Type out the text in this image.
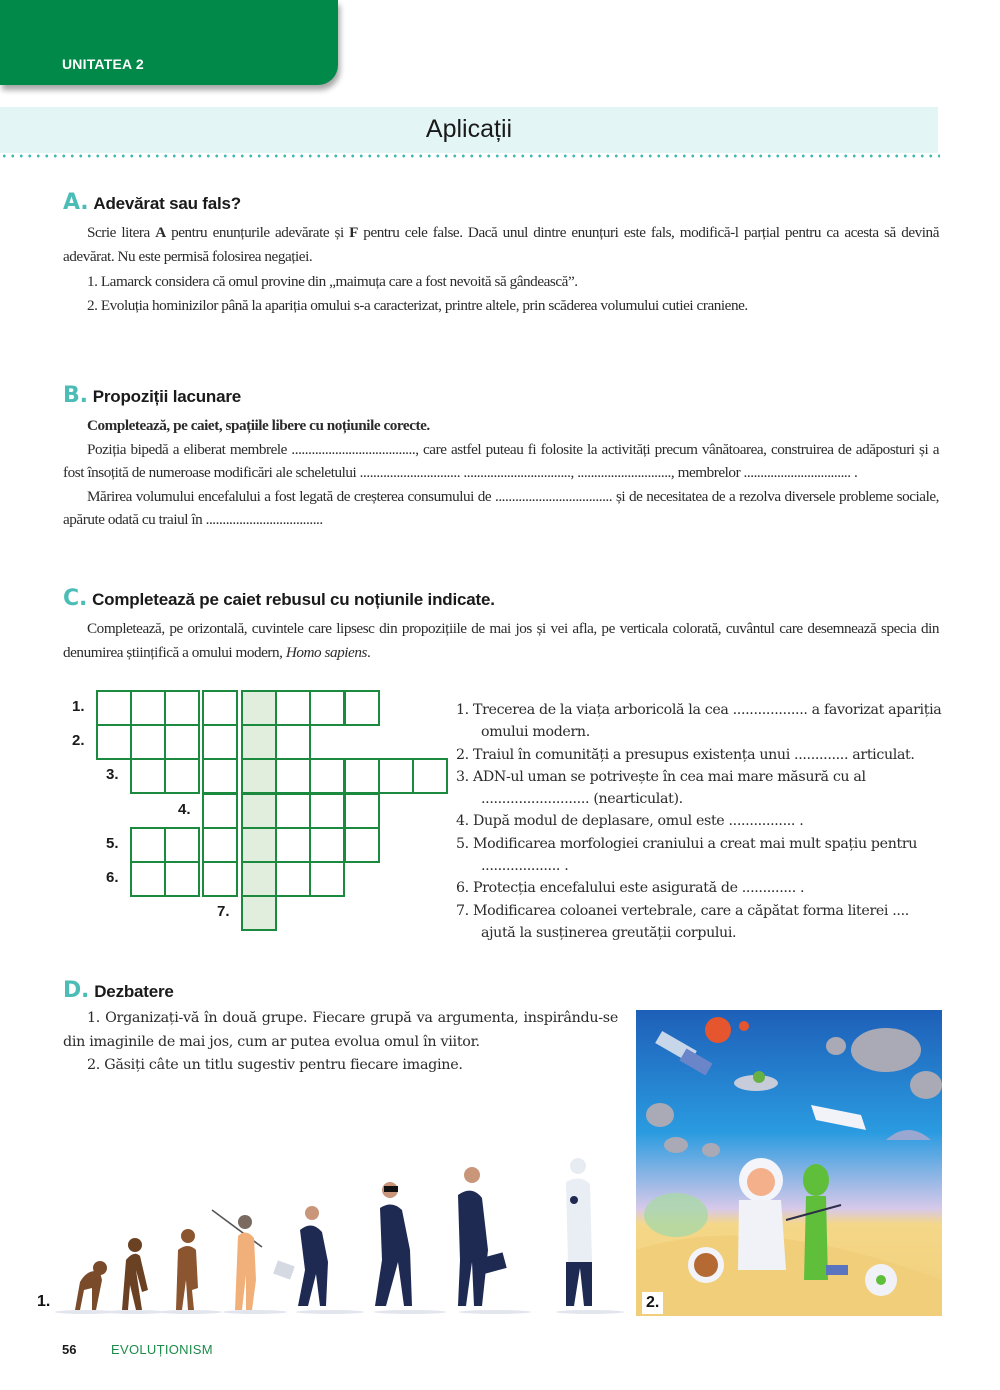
UNITATEA 2
Aplicații
A. Adevărat sau fals?
Scrie litera A pentru enunțurile adevărate și F pentru cele false. Dacă unul dintre enunțuri este fals, modifică-l parțial pentru ca acesta să devină adevărat. Nu este permisă folosirea negației.
1. Lamarck considera că omul provine din „maimuța care a fost nevoită să gândească”.
2. Evoluția hominizilor până la apariția omului s-a caracterizat, printre altele, prin scăderea volumului cutiei craniene.
B. Propoziții lacunare
Completează, pe caiet, spațiile libere cu noțiunile corecte.
Poziția bipedă a eliberat membrele ....................................., care astfel puteau fi folosite la activități precum vânătoarea, construirea de adăposturi și a fost însoțită de numeroase modificări ale scheletului .............................. ................................, ............................, membrelor ................................ .
Mărirea volumului encefalului a fost legată de creșterea consumului de ................................... și de necesitatea de a rezolva diversele probleme sociale, apărute odată cu traiul în ...................................
C. Completează pe caiet rebusul cu noțiunile indicate.
Completează, pe orizontală, cuvintele care lipsesc din propozițiile de mai jos și vei afla, pe verticala colorată, cuvântul care desemnează specia din denumirea științifică a omului modern, Homo sapiens.
1.
2.
3.
4.
5.
6.
7.
1. Trecerea de la viața arboricolă la cea .................. a favorizat apariția omului modern.
2. Traiul în comunități a presupus existența unui ............. articulat.
3. ADN-ul uman se potrivește în cea mai mare măsură cu al .......................... (nearticulat).
4. După modul de deplasare, omul este ................ .
5. Modificarea morfologiei craniului a creat mai mult spațiu pentru ................... .
6. Protecția encefalului este asigurată de ............. .
7. Modificarea coloanei vertebrale, care a căpătat forma literei .... ajută la susținerea greutății corpului.
D. Dezbatere
1. Organizați-vă în două grupe. Fiecare grupă va argumenta, inspirându-se din imaginile de mai jos, cum ar putea evolua omul în viitor.
2. Găsiți câte un titlu sugestiv pentru fiecare imagine.
1.	2.
56	EVOLUȚIONISM
